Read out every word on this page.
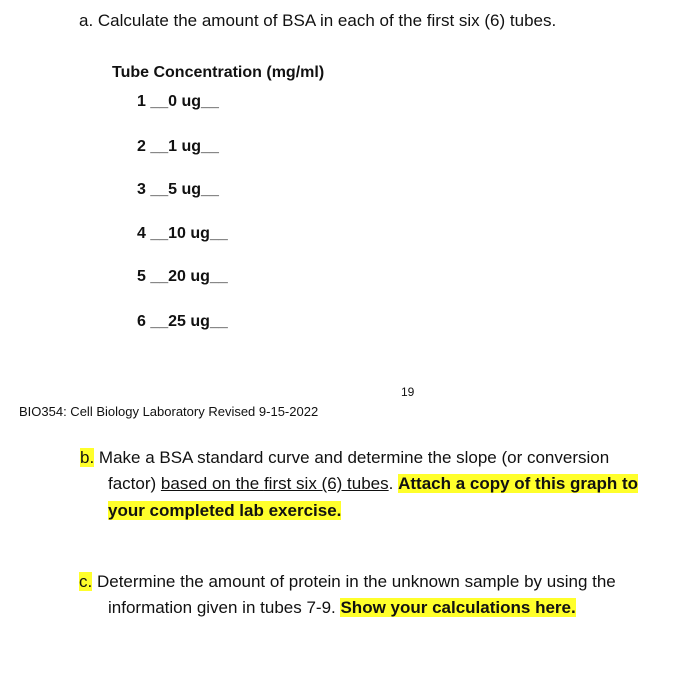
a. Calculate the amount of BSA in each of the first six (6) tubes.
Tube Concentration (mg/ml)
1 __0 ug__
2 __1 ug__
3 __5 ug__
4 __10 ug__
5 __20 ug__
6 __25 ug__
19
BIO354: Cell Biology Laboratory Revised 9-15-2022
b. Make a BSA standard curve and determine the slope (or conversion
factor) based on the first six (6) tubes. Attach a copy of this graph to
your completed lab exercise.
c. Determine the amount of protein in the unknown sample by using the
information given in tubes 7-9. Show your calculations here.
